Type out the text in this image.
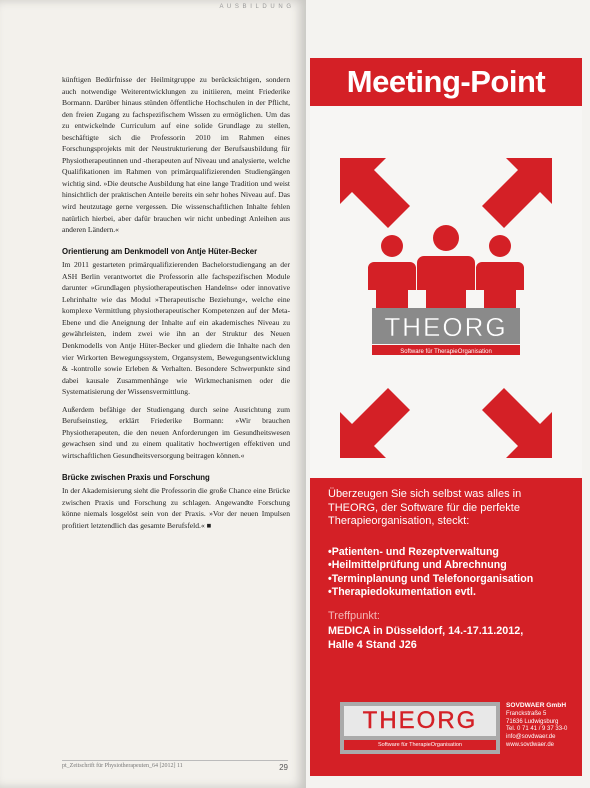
A U S B I L D U N G

künftigen Bedürfnisse der Heilmitgruppe zu berücksichtigen, sondern auch notwendige Weiterentwicklungen zu initiieren, meint Friederike Bormann. Darüber hinaus stünden öffentliche Hochschulen in der Pflicht, den freien Zugang zu fachspezifischem Wissen zu ermöglichen. Um das zu entwickelnde Curriculum auf eine solide Grundlage zu stellen, beschäftigte sich die Professorin 2010 im Rahmen eines Forschungsprojekts mit der Neustrukturierung der Berufsausbildung für Physiotherapeutinnen und -therapeuten auf Niveau und analysierte, welche Qualifikationen im Rahmen von primärqualifizierenden Studiengängen wichtig sind. »Die deutsche Ausbildung hat eine lange Tradition und weist hinsichtlich der praktischen Anteile bereits ein sehr hohes Niveau auf. Das wird heutzutage gerne vergessen. Die wissenschaftlichen Inhalte fehlen natürlich hierbei, aber dafür brauchen wir nicht unbedingt Anleihen aus anderen Ländern.«

Orientierung am Denkmodell von Antje Hüter-Becker

Im 2011 gestarteten primärqualifizierenden Bachelorstudiengang an der ASH Berlin verantwortet die Professorin alle fachspezifischen Module darunter »Grundlagen physiotherapeutischen Handelns« oder innovative Lehrinhalte wie das Modul »Therapeutische Beziehung«, welche eine komplexe Vermittlung physiotherapeutischer Kompetenzen auf der Meta-Ebene und die Aneignung der Inhalte auf ein akademisches Niveau zu gewährleisten, indem zwei wie ihn an der Struktur des Neuen Denkmodells von Antje Hüter-Becker und gliedern die Inhalte nach den vier Wirkorten Bewegungssystem, Organsystem, Bewegungsentwicklung & -kontrolle sowie Erleben & Verhalten. Besondere Schwerpunkte sind dabei kausale Zusammenhänge wie Wirkmechanismen oder die Systematisierung der Wissensvermittlung.

Außerdem befähige der Studiengang durch seine Ausrichtung zum Berufseinstieg, erklärt Friederike Bormann: »Wir brauchen Physiotherapeuten, die den neuen Anforderungen im Gesundheitswesen gewachsen sind und zu einem qualitativ hochwertigen effektiven und wirtschaftlichen Gesundheitsversorgung beitragen können.«

Brücke zwischen Praxis und Forschung

In der Akademisierung sieht die Professorin die große Chance eine Brücke zwischen Praxis und Forschung zu schlagen. Angewandte Forschung könne niemals losgelöst sein von der Praxis. »Vor der neuen Impulsen profitiert letztendlich das gesamte Berufsfeld.« ■

pt_Zeitschrift für Physiotherapeuten_64 [2012] 11	29
Meeting-Point
THEORG
Software für TherapieOrganisation
Überzeugen Sie sich selbst was alles in THEORG, der Software für die perfekte Therapieorganisation, steckt:
• Patienten- und Rezeptverwaltung
• Heilmittelprüfung und Abrechnung
• Terminplanung und Telefonorganisation
• Therapiedokumentation evtl.
Treffpunkt:
MEDICA in Düsseldorf, 14.-17.11.2012,
Halle 4 Stand J26
THEORG
Software für TherapieOrganisation
SOVDWAER GmbH
Franckstraße 5
71636 Ludwigsburg
Tel. 0 71 41 / 9 37 33-0
info@sovdwaer.de
www.sovdwaer.de
